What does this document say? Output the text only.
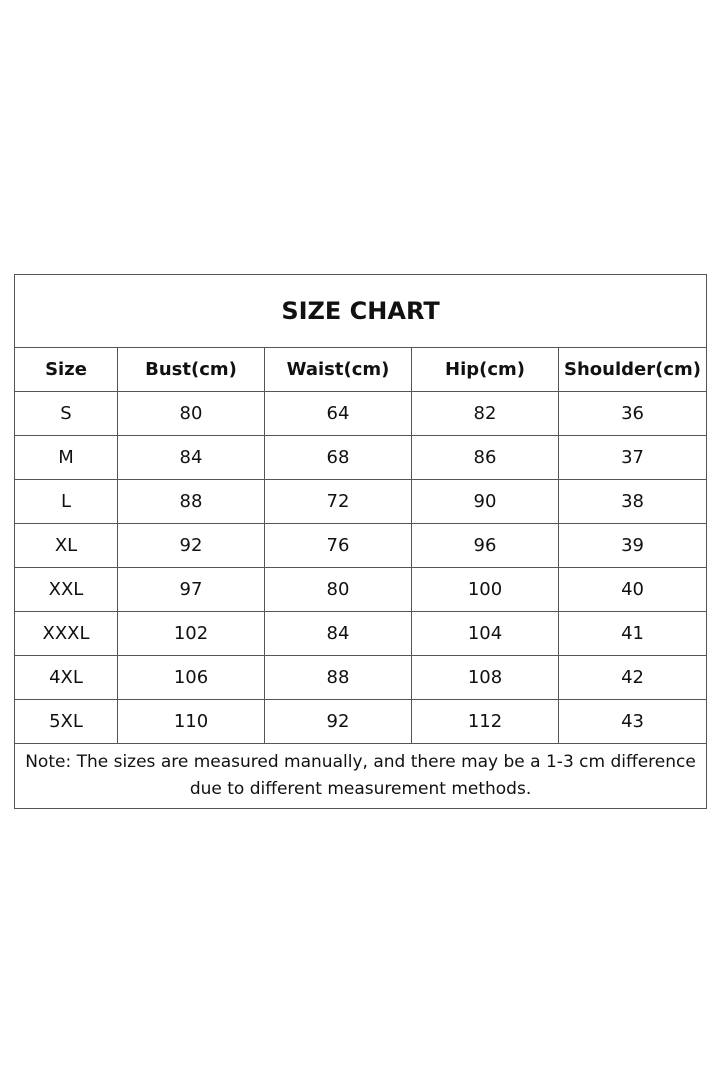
SIZE CHART				
Size	Bust(cm)	Waist(cm)	Hip(cm)	Shoulder(cm)
S	80	64	82	36
M	84	68	86	37
L	88	72	90	38
XL	92	76	96	39
XXL	97	80	100	40
XXXL	102	84	104	41
4XL	106	88	108	42
5XL	110	92	112	43
Note: The sizes are measured manually, and there may be a 1-3 cm difference due to different measurement methods.				
